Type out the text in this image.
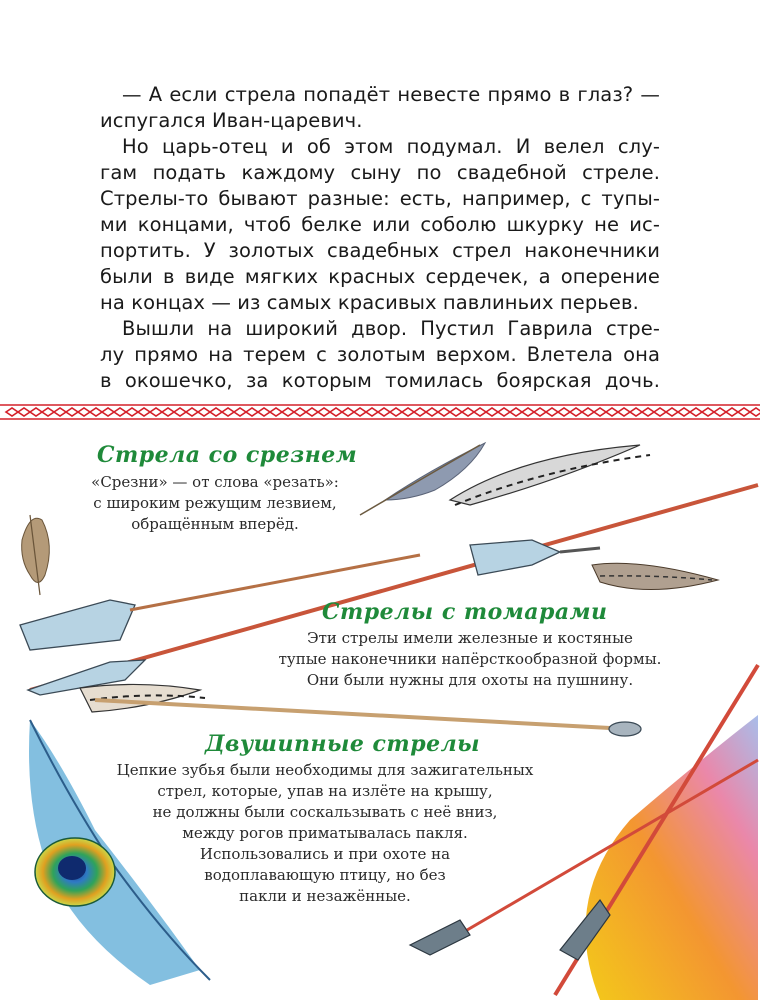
— А если стрела попадёт невесте прямо в глаз? —
испугался Иван-царевич.
Но царь-отец и об этом подумал. И велел слу-
гам подать каждому сыну по свадебной стреле.
Стрелы-то бывают разные: есть, например, с тупы-
ми концами, чтоб белке или соболю шкурку не ис-
портить. У золотых свадебных стрел наконечники
были в виде мягких красных сердечек, а оперение
на концах — из самых красивых павлиньих перьев.
Вышли на широкий двор. Пустил Гаврила стре-
лу прямо на терем с золотым верхом. Влетела она
в окошечко, за которым томилась боярская дочь.
Стрела со срезнем
«Срезни» — от слова «резать»:
с широким режущим лезвием,
обращённым вперёд.
Стрелы с томарами
Эти стрелы имели железные и костяные
тупые наконечники напёрсткообразной формы.
Они были нужны для охоты на пушнину.
Двушипные стрелы
Цепкие зубья были необходимы для зажигательных
стрел, которые, упав на излёте на крышу,
не должны были соскальзывать с неё вниз,
между рогов приматывалась пакля.
Использовались и при охоте на
водоплавающую птицу, но без
пакли и незажённые.
